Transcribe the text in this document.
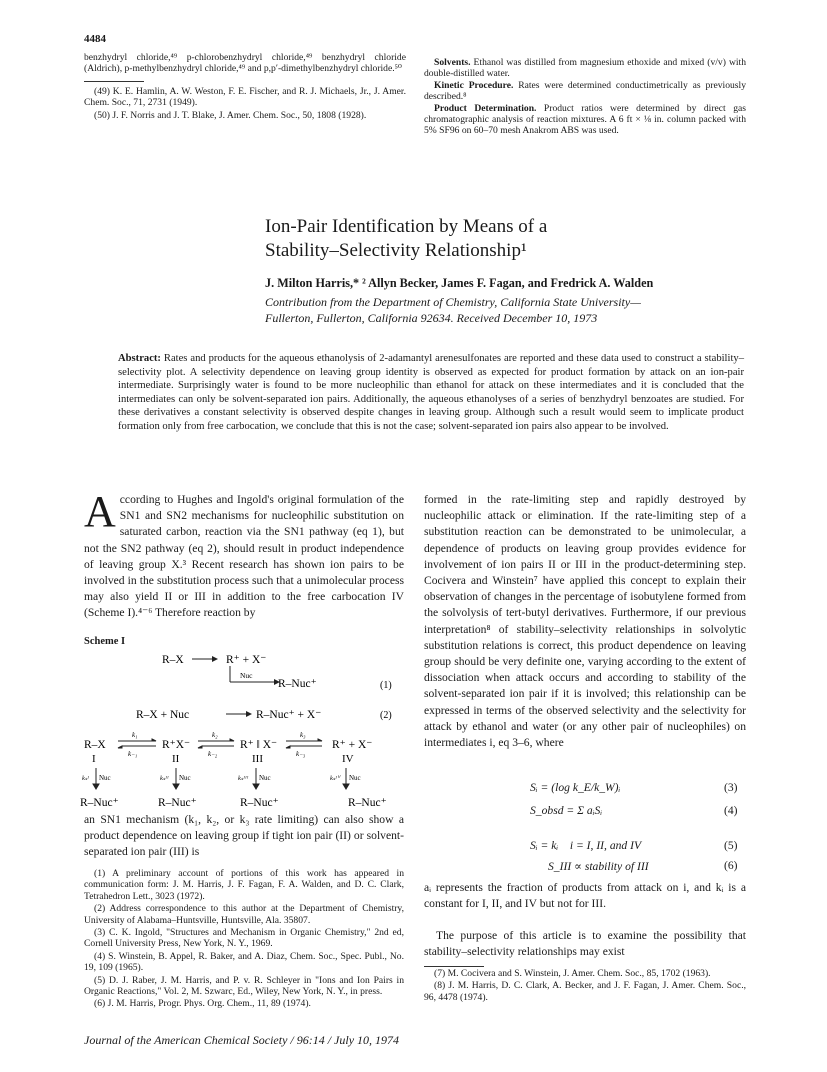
4484
benzhydryl chloride,⁴⁹ p-chlorobenzhydryl chloride,⁴⁹ benzhydryl chloride (Aldrich), p-methylbenzhydryl chloride,⁴⁹ and p,p′-dimethylbenzhydryl chloride.⁵⁰

(49) K. E. Hamlin, A. W. Weston, F. E. Fischer, and R. J. Michaels, Jr., J. Amer. Chem. Soc., 71, 2731 (1949).

(50) J. F. Norris and J. T. Blake, J. Amer. Chem. Soc., 50, 1808 (1928).

Solvents. Ethanol was distilled from magnesium ethoxide and mixed (v/v) with double-distilled water.
Kinetic Procedure. Rates were determined conductimetrically as previously described.⁸
Product Determination. Product ratios were determined by direct gas chromatographic analysis of reaction mixtures. A 6 ft × ⅛ in. column packed with 5% SF96 on 60–70 mesh Anakrom ABS was used.
Ion-Pair Identification by Means of a
Stability–Selectivity Relationship¹
J. Milton Harris,* ² Allyn Becker, James F. Fagan, and Fredrick A. Walden
Contribution from the Department of Chemistry, California State University—
Fullerton, Fullerton, California 92634. Received December 10, 1973
Abstract: Rates and products for the aqueous ethanolysis of 2-adamantyl arenesulfonates are reported and these data used to construct a stability–selectivity plot. A selectivity dependence on leaving group identity is observed as expected for product formation by attack on an ion-pair intermediate. Surprisingly water is found to be more nucleophilic than ethanol for attack on these intermediates and it is concluded that the intermediates can only be solvent-separated ion pairs. Additionally, the aqueous ethanolyses of a series of benzhydryl benzoates are studied. For these derivatives a constant selectivity is observed despite changes in leaving group. Although such a result would seem to implicate product formation only from free carbocation, we conclude that this is not the case; solvent-separated ion pairs also appear to be involved.
According to Hughes and Ingold's original formulation of the SN1 and SN2 mechanisms for nucleophilic substitution on saturated carbon, reaction via the SN1 pathway (eq 1), but not the SN2 pathway (eq 2), should result in product independence of leaving group X.³ Recent research has shown ion pairs to be involved in the substitution process such that a unimolecular process may also yield II or III in addition to the free carbocation IV (Scheme I).⁴⁻⁶ Therefore reaction by
Scheme I
R–X	R⁺ + X⁻
Nuc
R–Nuc⁺	(1)
R–X + Nuc	R–Nuc⁺ + X⁻	(2)
R–X	R⁺X⁻	R⁺ ‖ X⁻	R⁺ + X⁻
k₁
k₋₁
k₂
k₋₂
k₃
k₋₃
I	II	III	IV
kₛᴵ Nuc	kₛᴵᴵ Nuc	kₛᴵᴵᴵ Nuc	kₛᴵⱽ Nuc
R–Nuc⁺	R–Nuc⁺	R–Nuc⁺	R–Nuc⁺
an SN1 mechanism (k₁, k₂, or k₃ rate limiting) can also show a product dependence on leaving group if tight ion pair (II) or solvent-separated ion pair (III) is

(1) A preliminary account of portions of this work has appeared in communication form: J. M. Harris, J. F. Fagan, F. A. Walden, and D. C. Clark, Tetrahedron Lett., 3023 (1972).

(2) Address correspondence to this author at the Department of Chemistry, University of Alabama–Huntsville, Huntsville, Ala. 35807.

(3) C. K. Ingold, "Structures and Mechanism in Organic Chemistry," 2nd ed, Cornell University Press, New York, N. Y., 1969.

(4) S. Winstein, B. Appel, R. Baker, and A. Diaz, Chem. Soc., Spec. Publ., No. 19, 109 (1965).

(5) D. J. Raber, J. M. Harris, and P. v. R. Schleyer in "Ions and Ion Pairs in Organic Reactions," Vol. 2, M. Szwarc, Ed., Wiley, New York, N. Y., in press.

(6) J. M. Harris, Progr. Phys. Org. Chem., 11, 89 (1974).

formed in the rate-limiting step and rapidly destroyed by nucleophilic attack or elimination. If the rate-limiting step of a substitution reaction can be demonstrated to be unimolecular, a dependence of products on leaving group provides evidence for involvement of ion pairs II or III in the product-determining step. Cocivera and Winstein⁷ have applied this concept to explain their observation of changes in the percentage of isobutylene formed from the solvolysis of tert-butyl derivatives. Furthermore, if our previous interpretation⁸ of stability–selectivity relationships in solvolytic substitution relations is correct, this product dependence on leaving group should be very definite one, varying according to the extent of dissociation when attack occurs and according to stability of the solvent-separated ion pair if it is involved; this relationship can be expressed in terms of the observed selectivity and the selectivity for attack by ethanol and water (or any other pair of nucleophiles) on intermediates i, eq 3–6, where
Sᵢ = (log k_E/k_W)ᵢ	(3)
S_obsd = Σ aᵢSᵢ	(4)
Sᵢ = kᵢ    i = I, II, and IV	(5)
S_III ∝ stability of III	(6)
aᵢ represents the fraction of products from attack on i, and kᵢ is a constant for I, II, and IV but not for III.
The purpose of this article is to examine the possibility that stability–selectivity relationships may exist

(7) M. Cocivera and S. Winstein, J. Amer. Chem. Soc., 85, 1702 (1963).

(8) J. M. Harris, D. C. Clark, A. Becker, and J. F. Fagan, J. Amer. Chem. Soc., 96, 4478 (1974).

Journal of the American Chemical Society / 96:14 / July 10, 1974
